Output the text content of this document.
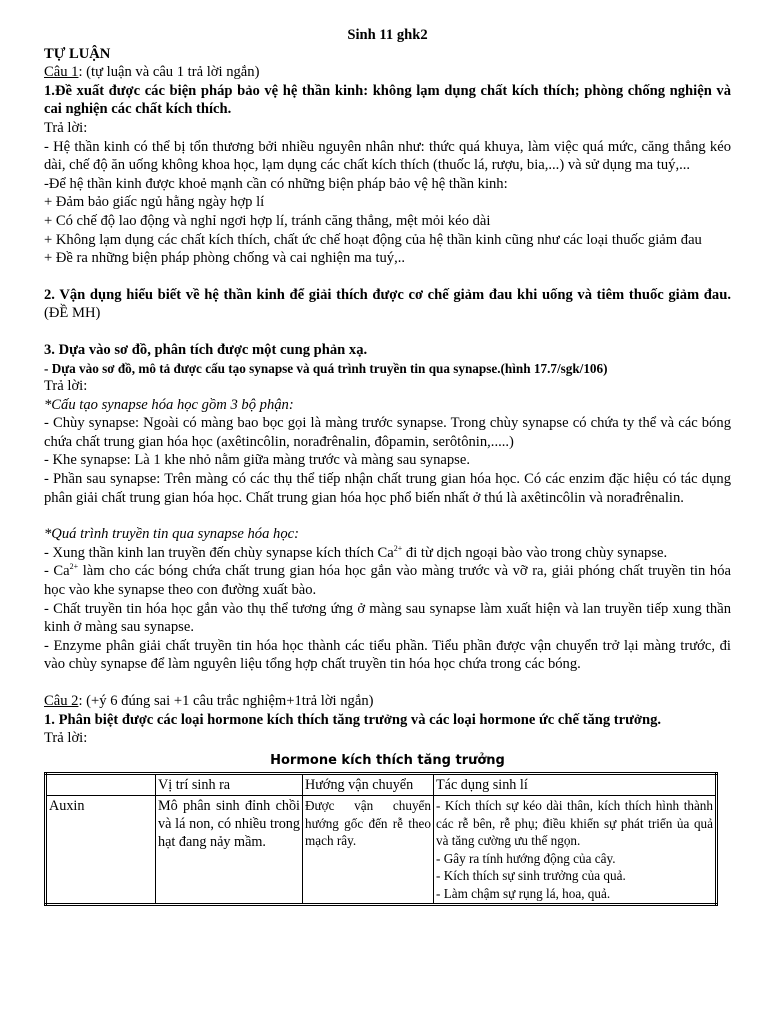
Sinh 11 ghk2
TỰ LUẬN
Câu 1: (tự luận và câu 1 trả lời ngắn)
1.Đề xuất được các biện pháp bảo vệ hệ thần kinh: không lạm dụng chất kích thích; phòng chống nghiện và cai nghiện các chất kích thích.
Trả lời:
- Hệ thần kinh có thể bị tổn thương bởi nhiều nguyên nhân như: thức quá khuya, làm việc quá mức, căng thẳng kéo dài, chế độ ăn uống không khoa học, lạm dụng các chất kích thích (thuốc lá, rượu, bia,...) và sử dụng ma tuý,...
-Để hệ thần kinh được khoẻ mạnh cần có những biện pháp bảo vệ hệ thần kinh:
+ Đảm bảo giấc ngủ hằng ngày hợp lí
+ Có chế độ lao động và nghỉ ngơi hợp lí, tránh căng thẳng, mệt mỏi kéo dài
+ Không lạm dụng các chất kích thích, chất ức chế hoạt động của hệ thần kinh cũng như các loại thuốc giảm đau
+ Đề ra những biện pháp phòng chống và cai nghiện ma tuý,..
2. Vận dụng hiểu biết về hệ thần kinh để giải thích được cơ chế giảm đau khi uống và tiêm thuốc giảm đau. (ĐỀ MH)
3. Dựa vào sơ đồ, phân tích được một cung phản xạ.
- Dựa vào sơ đồ, mô tả được cấu tạo synapse và quá trình truyền tin qua synapse.(hình 17.7/sgk/106)
Trả lời:
*Cấu tạo synapse hóa học gồm 3 bộ phận:
- Chùy synapse: Ngoài có màng bao bọc gọi là màng trước synapse. Trong chùy synapse có chứa ty thể và các bóng chứa chất trung gian hóa học (axêtincôlin, norađrênalin, đôpamin, serôtônin,.....)
- Khe synapse: Là 1 khe nhỏ nằm giữa màng trước và màng sau synapse.
- Phần sau synapse: Trên màng có các thụ thể tiếp nhận chất trung gian hóa học. Có các enzim đặc hiệu có tác dụng phân giải chất trung gian hóa học. Chất trung gian hóa học phổ biến nhất ở thú là axêtincôlin và norađrênalin.
*Quá trình truyền tin qua synapse hóa học:
- Xung thần kinh lan truyền đến chùy synapse kích thích $Ca^{2+}$ đi từ dịch ngoại bào vào trong chùy synapse.
- $Ca^{2+}$ làm cho các bóng chứa chất trung gian hóa học gắn vào màng trước và vỡ ra, giải phóng chất truyền tin hóa học vào khe synapse theo con đường xuất bào.
- Chất truyền tin hóa học gắn vào thụ thể tương ứng ở màng sau synapse làm xuất hiện và lan truyền tiếp xung thần kinh ở màng sau synapse.
- Enzyme phân giải chất truyền tin hóa học thành các tiểu phần. Tiểu phần được vận chuyển trở lại màng trước, đi vào chùy synapse để làm nguyên liệu tổng hợp chất truyền tin hóa học chứa trong các bóng.
Câu 2: (+ý 6 đúng sai +1 câu trắc nghiệm+1trả lời ngắn)
1. Phân biệt được các loại hormone kích thích tăng trưởng và các loại hormone ức chế tăng trưởng.
Trả lời:
Hormone kích thích tăng trưởng
	Vị trí sinh ra	Hướng vận chuyển	Tác dụng sinh lí
Auxin	Mô phân sinh đỉnh chồi và lá non, có nhiều trong hạt đang nảy mầm.	Được vận chuyển hướng gốc đến rễ theo mạch rây.	- Kích thích sự kéo dài thân, kích thích hình thành các rễ bên, rễ phụ; điều khiển sự phát triển ủa quả và tăng cường ưu thế ngọn.
- Gây ra tính hướng động của cây.
- Kích thích sự sinh trưởng của quả.
- Làm chậm sự rụng lá, hoa, quả.
